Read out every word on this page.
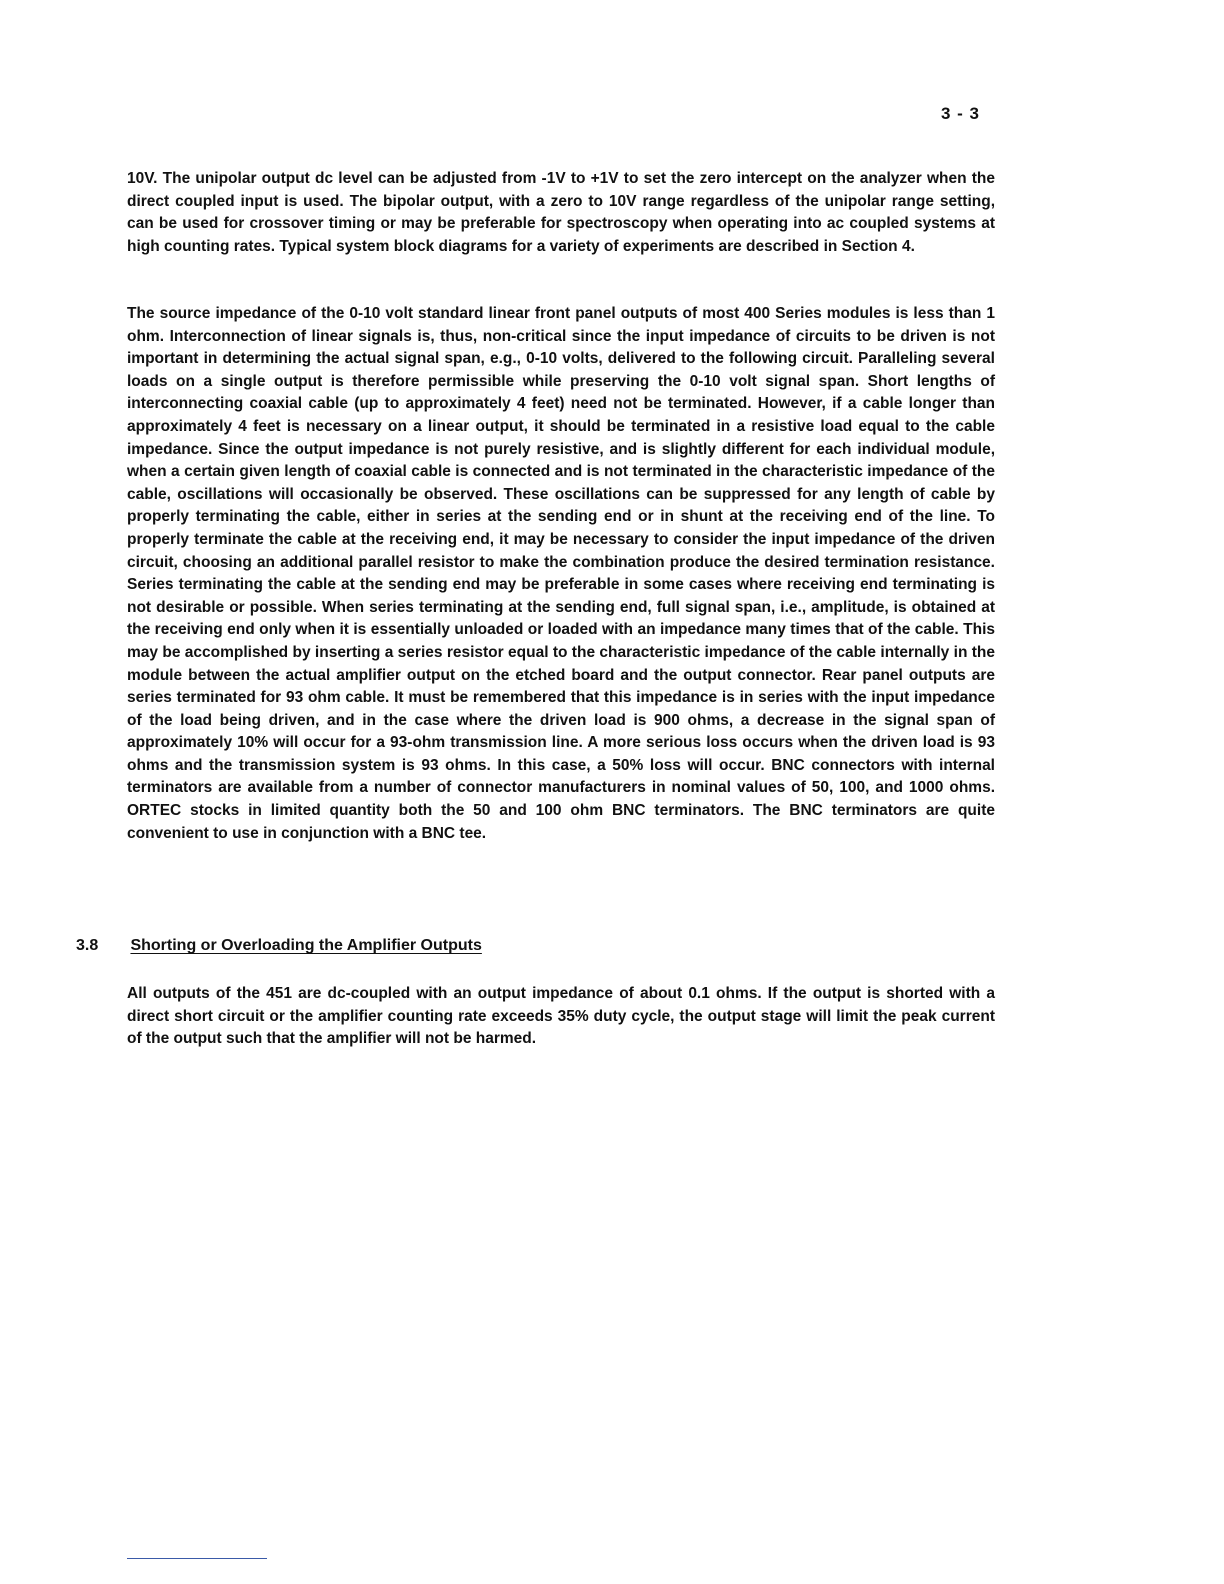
3 - 3

10V. The unipolar output dc level can be adjusted from -1V to +1V to set the zero intercept on the analyzer when the direct coupled input is used. The bipolar output, with a zero to 10V range regardless of the unipolar range setting, can be used for crossover timing or may be preferable for spectroscopy when operating into ac coupled systems at high counting rates. Typical system block diagrams for a variety of experiments are described in Section 4.

The source impedance of the 0-10 volt standard linear front panel outputs of most 400 Series modules is less than 1 ohm. Interconnection of linear signals is, thus, non-critical since the input impedance of circuits to be driven is not important in determining the actual signal span, e.g., 0-10 volts, delivered to the following circuit. Paralleling several loads on a single output is therefore permissible while preserving the 0-10 volt signal span. Short lengths of interconnecting coaxial cable (up to approximately 4 feet) need not be terminated. However, if a cable longer than approximately 4 feet is necessary on a linear output, it should be terminated in a resistive load equal to the cable impedance. Since the output impedance is not purely resistive, and is slightly different for each individual module, when a certain given length of coaxial cable is connected and is not terminated in the characteristic impedance of the cable, oscillations will occasionally be observed. These oscillations can be suppressed for any length of cable by properly terminating the cable, either in series at the sending end or in shunt at the receiving end of the line. To properly terminate the cable at the receiving end, it may be necessary to consider the input impedance of the driven circuit, choosing an additional parallel resistor to make the combination produce the desired termination resistance. Series terminating the cable at the sending end may be preferable in some cases where receiving end terminating is not desirable or possible. When series terminating at the sending end, full signal span, i.e., amplitude, is obtained at the receiving end only when it is essentially unloaded or loaded with an impedance many times that of the cable. This may be accomplished by inserting a series resistor equal to the characteristic impedance of the cable internally in the module between the actual amplifier output on the etched board and the output connector. Rear panel outputs are series terminated for 93 ohm cable. It must be remembered that this impedance is in series with the input impedance of the load being driven, and in the case where the driven load is 900 ohms, a decrease in the signal span of approximately 10% will occur for a 93-ohm transmission line. A more serious loss occurs when the driven load is 93 ohms and the transmission system is 93 ohms. In this case, a 50% loss will occur. BNC connectors with internal terminators are available from a number of connector manufacturers in nominal values of 50, 100, and 1000 ohms. ORTEC stocks in limited quantity both the 50 and 100 ohm BNC terminators. The BNC terminators are quite convenient to use in conjunction with a BNC tee.

3.8 Shorting or Overloading the Amplifier Outputs

All outputs of the 451 are dc-coupled with an output impedance of about 0.1 ohms. If the output is shorted with a direct short circuit or the amplifier counting rate exceeds 35% duty cycle, the output stage will limit the peak current of the output such that the amplifier will not be harmed.
